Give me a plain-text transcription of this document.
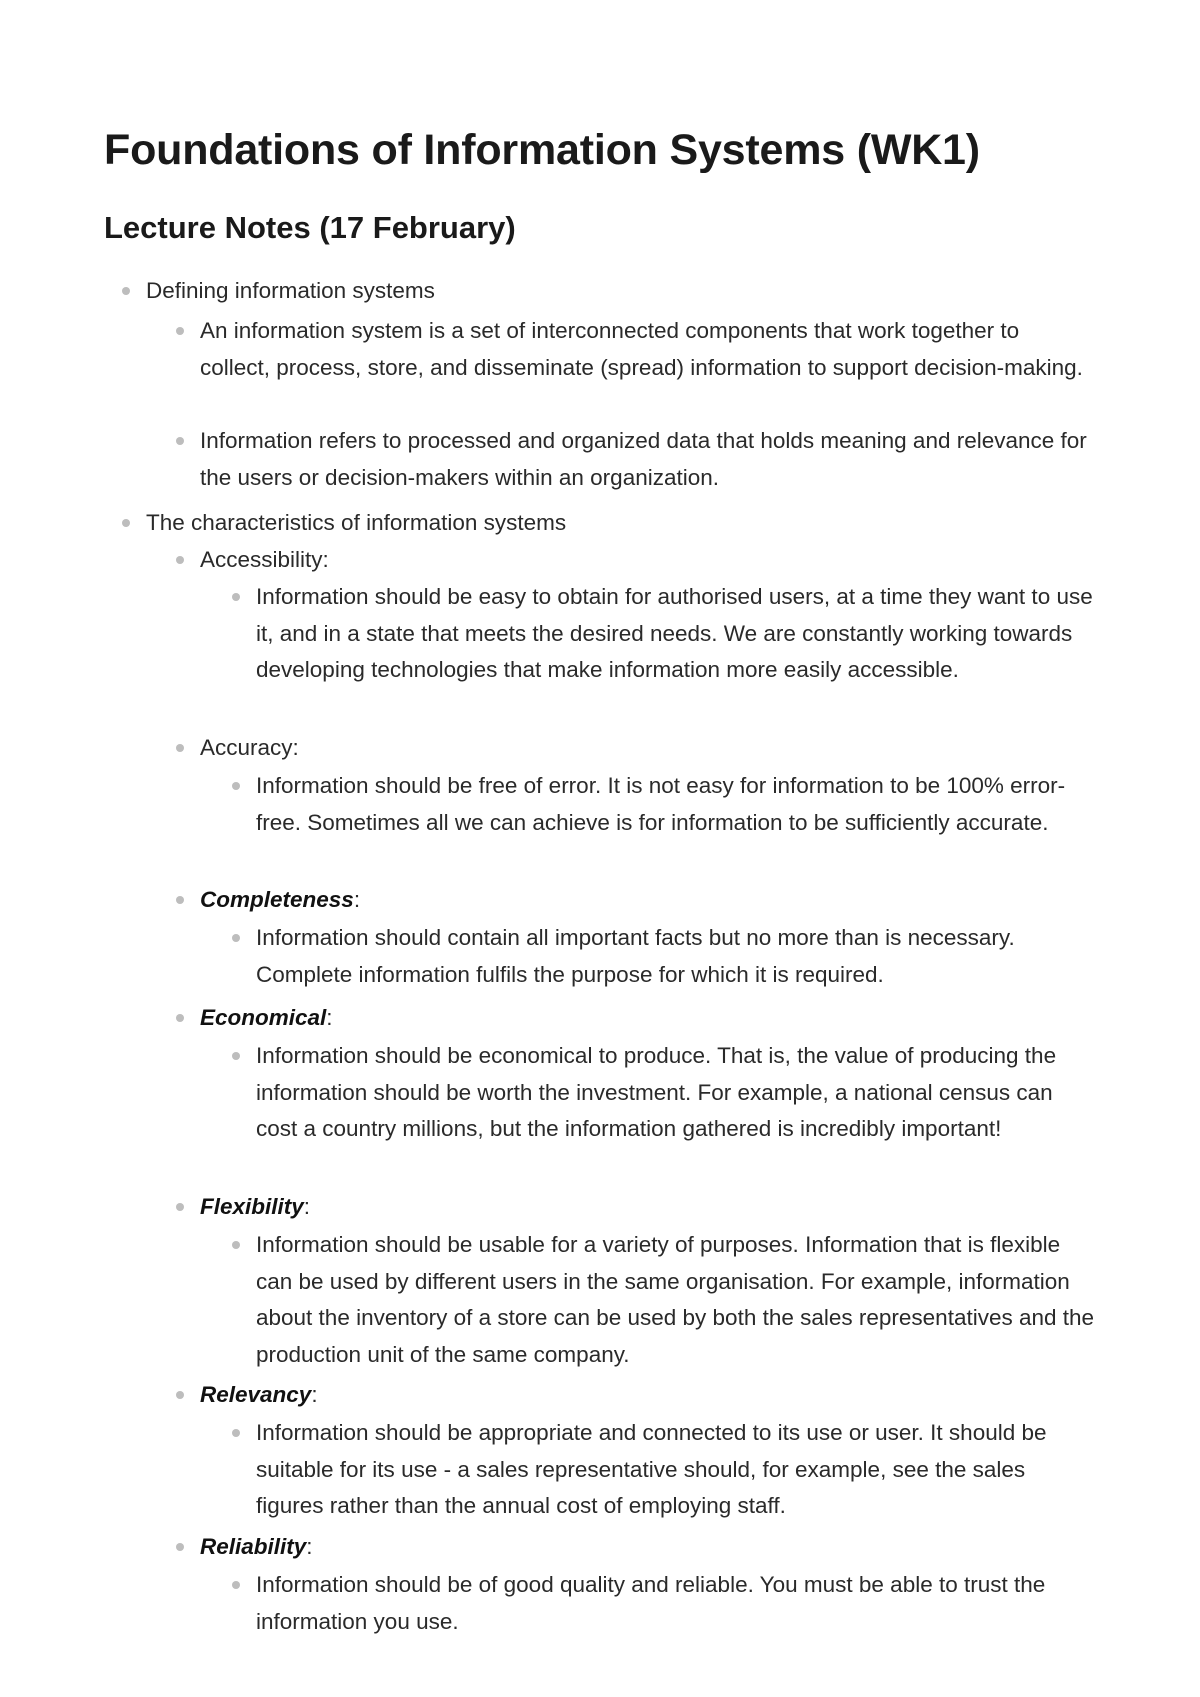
Foundations of Information Systems (WK1)
Lecture Notes (17 February)
Defining information systems
An information system is a set of interconnected components that work together to collect, process, store, and disseminate (spread) information to support decision-making.
Information refers to processed and organized data that holds meaning and relevance for the users or decision-makers within an organization.
The characteristics of information systems
Accessibility:
Information should be easy to obtain for authorised users, at a time they want to use it, and in a state that meets the desired needs. We are constantly working towards developing technologies that make information more easily accessible.
Accuracy:
Information should be free of error. It is not easy for information to be 100% error-free. Sometimes all we can achieve is for information to be sufficiently accurate.
Completeness:
Information should contain all important facts but no more than is necessary. Complete information fulfils the purpose for which it is required.
Economical:
Information should be economical to produce. That is, the value of producing the information should be worth the investment. For example, a national census can cost a country millions, but the information gathered is incredibly important!
Flexibility:
Information should be usable for a variety of purposes. Information that is flexible can be used by different users in the same organisation. For example, information about the inventory of a store can be used by both the sales representatives and the production unit of the same company.
Relevancy:
Information should be appropriate and connected to its use or user. It should be suitable for its use - a sales representative should, for example, see the sales figures rather than the annual cost of employing staff.
Reliability:
Information should be of good quality and reliable. You must be able to trust the information you use.
